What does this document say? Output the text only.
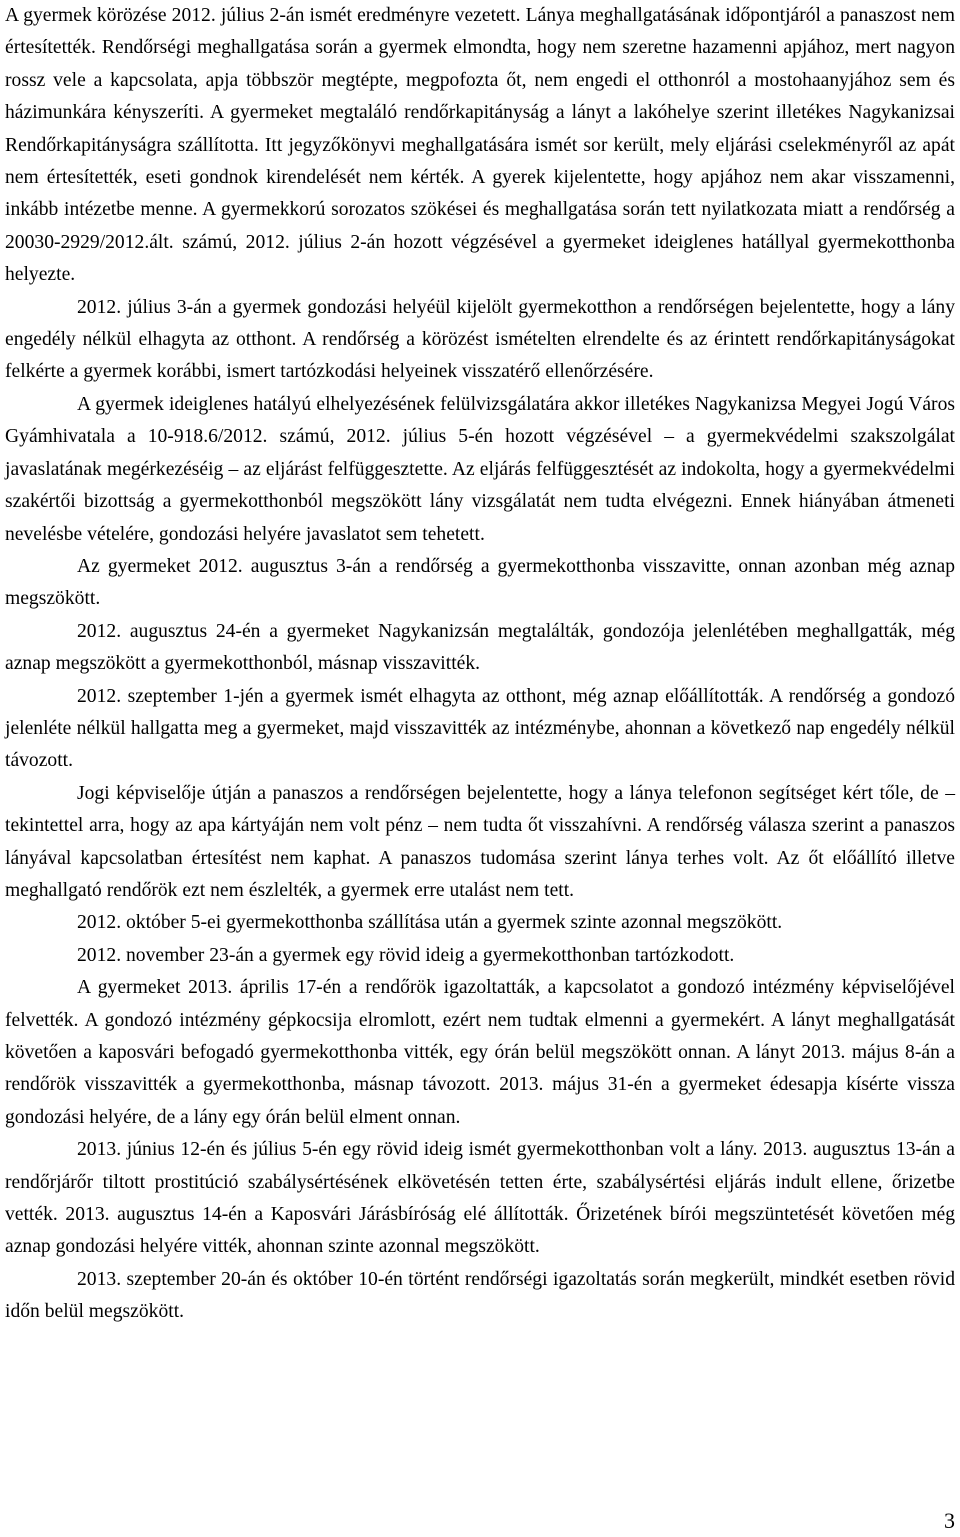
A gyermek körözése 2012. július 2-án ismét eredményre vezetett. Lánya meghallgatásának időpontjáról a panaszost nem értesítették. Rendőrségi meghallgatása során a gyermek elmondta, hogy nem szeretne hazamenni apjához, mert nagyon rossz vele a kapcsolata, apja többször megtépte, megpofozta őt, nem engedi el otthonról a mostohaanyjához sem és házimunkára kényszeríti. A gyermeket megtaláló rendőrkapitányság a lányt a lakóhelye szerint illetékes Nagykanizsai Rendőrkapitányságra szállította. Itt jegyzőkönyvi meghallgatására ismét sor került, mely eljárási cselekményről az apát nem értesítették, eseti gondnok kirendelését nem kérték. A gyerek kijelentette, hogy apjához nem akar visszamenni, inkább intézetbe menne. A gyermekkorú sorozatos szökései és meghallgatása során tett nyilatkozata miatt a rendőrség a 20030-2929/2012.ált. számú, 2012. július 2-án hozott végzésével a gyermeket ideiglenes hatállyal gyermekotthonba helyezte.

2012. július 3-án a gyermek gondozási helyéül kijelölt gyermekotthon a rendőrségen bejelentette, hogy a lány engedély nélkül elhagyta az otthont. A rendőrség a körözést ismételten elrendelte és az érintett rendőrkapitányságokat felkérte a gyermek korábbi, ismert tartózkodási helyeinek visszatérő ellenőrzésére.

A gyermek ideiglenes hatályú elhelyezésének felülvizsgálatára akkor illetékes Nagykanizsa Megyei Jogú Város Gyámhivatala a 10-918.6/2012. számú, 2012. július 5-én hozott végzésével – a gyermekvédelmi szakszolgálat javaslatának megérkezéséig – az eljárást felfüggesztette. Az eljárás felfüggesztését az indokolta, hogy a gyermekvédelmi szakértői bizottság a gyermekotthonból megszökött lány vizsgálatát nem tudta elvégezni. Ennek hiányában átmeneti nevelésbe vételére, gondozási helyére javaslatot sem tehetett.

Az gyermeket 2012. augusztus 3-án a rendőrség a gyermekotthonba visszavitte, onnan azonban még aznap megszökött.

2012. augusztus 24-én a gyermeket Nagykanizsán megtalálták, gondozója jelenlétében meghallgatták, még aznap megszökött a gyermekotthonból, másnap visszavitték.

2012. szeptember 1-jén a gyermek ismét elhagyta az otthont, még aznap előállították. A rendőrség a gondozó jelenléte nélkül hallgatta meg a gyermeket, majd visszavitték az intézménybe, ahonnan a következő nap engedély nélkül távozott.

Jogi képviselője útján a panaszos a rendőrségen bejelentette, hogy a lánya telefonon segítséget kért tőle, de – tekintettel arra, hogy az apa kártyáján nem volt pénz – nem tudta őt visszahívni. A rendőrség válasza szerint a panaszos lányával kapcsolatban értesítést nem kaphat. A panaszos tudomása szerint lánya terhes volt. Az őt előállító illetve meghallgató rendőrök ezt nem észlelték, a gyermek erre utalást nem tett.

2012. október 5-ei gyermekotthonba szállítása után a gyermek szinte azonnal megszökött.

2012. november 23-án a gyermek egy rövid ideig a gyermekotthonban tartózkodott.

A gyermeket 2013. április 17-én a rendőrök igazoltatták, a kapcsolatot a gondozó intézmény képviselőjével felvették. A gondozó intézmény gépkocsija elromlott, ezért nem tudtak elmenni a gyermekért. A lányt meghallgatását követően a kaposvári befogadó gyermekotthonba vitték, egy órán belül megszökött onnan. A lányt 2013. május 8-án a rendőrök visszavitték a gyermekotthonba, másnap távozott. 2013. május 31-én a gyermeket édesapja kísérte vissza gondozási helyére, de a lány egy órán belül elment onnan.

2013. június 12-én és július 5-én egy rövid ideig ismét gyermekotthonban volt a lány. 2013. augusztus 13-án a rendőrjárőr tiltott prostitúció szabálysértésének elkövetésén tetten érte, szabálysértési eljárás indult ellene, őrizetbe vették. 2013. augusztus 14-én a Kaposvári Járásbíróság elé állították. Őrizetének bírói megszüntetését követően még aznap gondozási helyére vitték, ahonnan szinte azonnal megszökött.

2013. szeptember 20-án és október 10-én történt rendőrségi igazoltatás során megkerült, mindkét esetben rövid időn belül megszökött.

3
